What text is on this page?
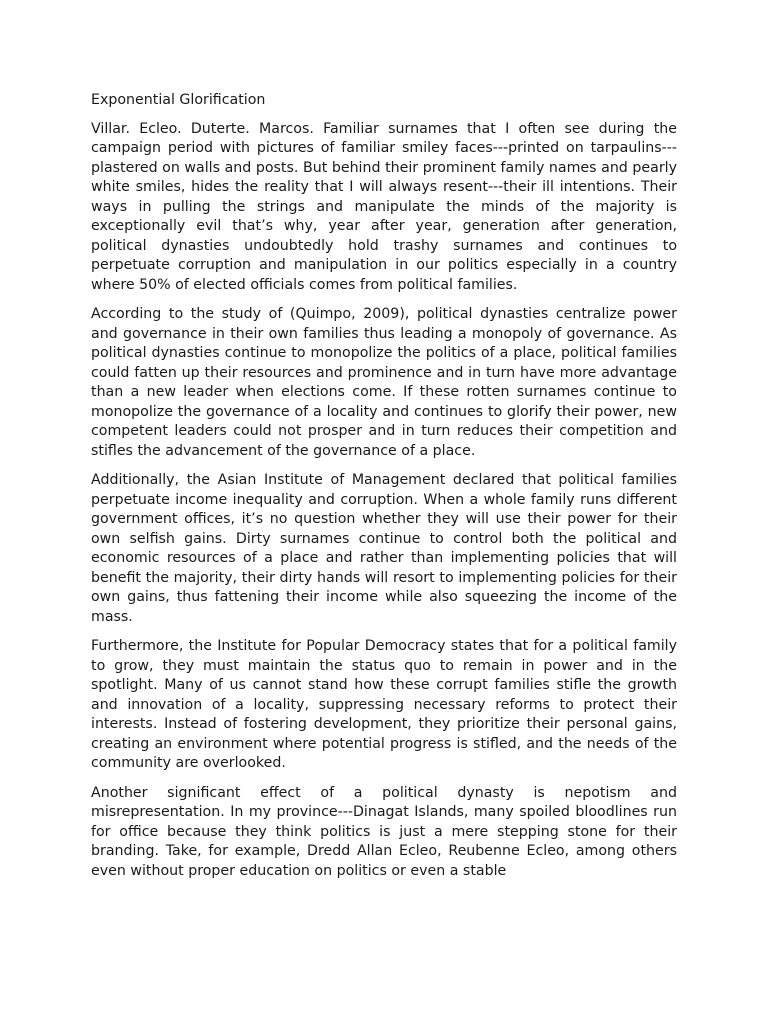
Exponential Glorification

Villar. Ecleo. Duterte. Marcos. Familiar surnames that I often see during the campaign period with pictures of familiar smiley faces---printed on tarpaulins---plastered on walls and posts. But behind their prominent family names and pearly white smiles, hides the reality that I will always resent---their ill intentions. Their ways in pulling the strings and manipulate the minds of the majority is exceptionally evil that’s why, year after year, generation after generation, political dynasties undoubtedly hold trashy surnames and continues to perpetuate corruption and manipulation in our politics especially in a country where 50% of elected officials comes from political families.

According to the study of (Quimpo, 2009), political dynasties centralize power and governance in their own families thus leading a monopoly of governance. As political dynasties continue to monopolize the politics of a place, political families could fatten up their resources and prominence and in turn have more advantage than a new leader when elections come. If these rotten surnames continue to monopolize the governance of a locality and continues to glorify their power, new competent leaders could not prosper and in turn reduces their competition and stifles the advancement of the governance of a place.

Additionally, the Asian Institute of Management declared that political families perpetuate income inequality and corruption. When a whole family runs different government offices, it’s no question whether they will use their power for their own selfish gains. Dirty surnames continue to control both the political and economic resources of a place and rather than implementing policies that will benefit the majority, their dirty hands will resort to implementing policies for their own gains, thus fattening their income while also squeezing the income of the mass.

Furthermore, the Institute for Popular Democracy states that for a political family to grow, they must maintain the status quo to remain in power and in the spotlight. Many of us cannot stand how these corrupt families stifle the growth and innovation of a locality, suppressing necessary reforms to protect their interests. Instead of fostering development, they prioritize their personal gains, creating an environment where potential progress is stifled, and the needs of the community are overlooked.

Another significant effect of a political dynasty is nepotism and misrepresentation. In my province---Dinagat Islands, many spoiled bloodlines run for office because they think politics is just a mere stepping stone for their branding. Take, for example, Dredd Allan Ecleo, Reubenne Ecleo, among others even without proper education on politics or even a stable
